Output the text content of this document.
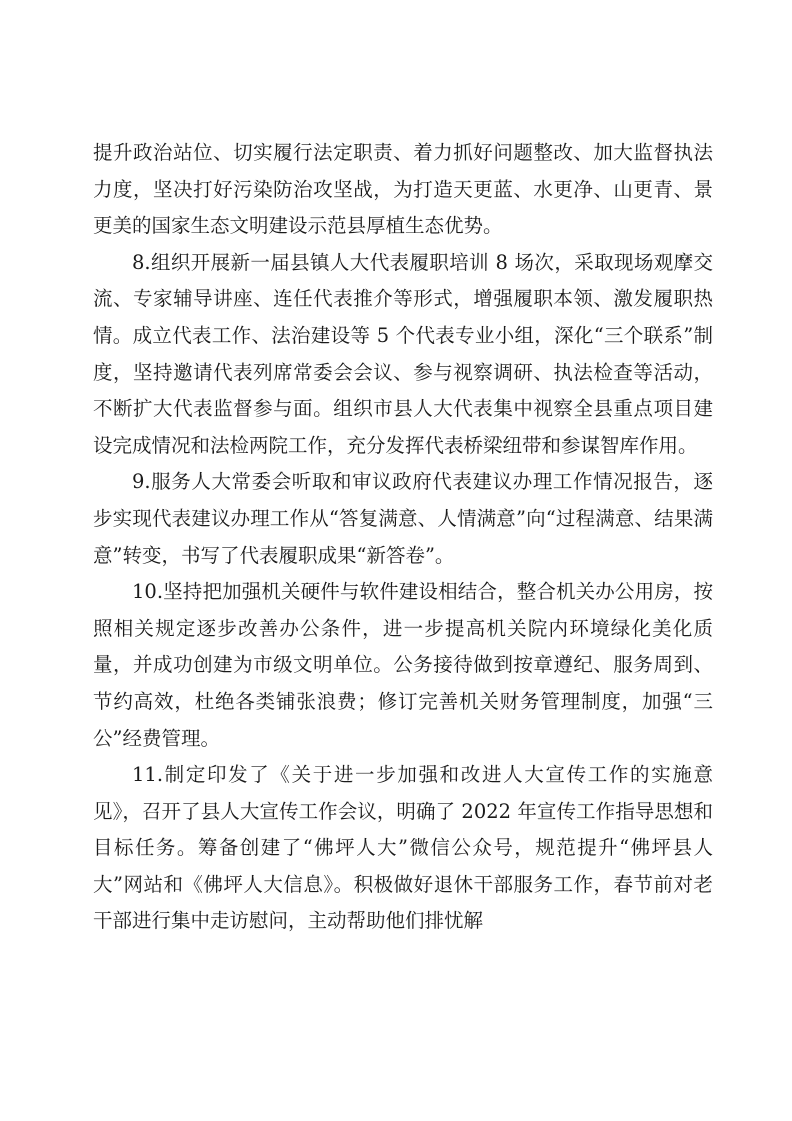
提升政治站位、切实履行法定职责、着力抓好问题整改、加大监督执法力度，坚决打好污染防治攻坚战，为打造天更蓝、水更净、山更青、景更美的国家生态文明建设示范县厚植生态优势。

8.组织开展新一届县镇人大代表履职培训 8 场次，采取现场观摩交流、专家辅导讲座、连任代表推介等形式，增强履职本领、激发履职热情。成立代表工作、法治建设等 5 个代表专业小组，深化“三个联系”制度，坚持邀请代表列席常委会会议、参与视察调研、执法检查等活动，不断扩大代表监督参与面。组织市县人大代表集中视察全县重点项目建设完成情况和法检两院工作，充分发挥代表桥梁纽带和参谋智库作用。

9.服务人大常委会听取和审议政府代表建议办理工作情况报告，逐步实现代表建议办理工作从“答复满意、人情满意”向“过程满意、结果满意”转变，书写了代表履职成果“新答卷”。

10.坚持把加强机关硬件与软件建设相结合，整合机关办公用房，按照相关规定逐步改善办公条件，进一步提高机关院内环境绿化美化质量，并成功创建为市级文明单位。公务接待做到按章遵纪、服务周到、节约高效，杜绝各类铺张浪费；修订完善机关财务管理制度，加强“三公”经费管理。

11.制定印发了《关于进一步加强和改进人大宣传工作的实施意见》，召开了县人大宣传工作会议，明确了 2022 年宣传工作指导思想和目标任务。筹备创建了“佛坪人大”微信公众号，规范提升“佛坪县人大”网站和《佛坪人大信息》。积极做好退休干部服务工作，春节前对老干部进行集中走访慰问，主动帮助他们排忧解
